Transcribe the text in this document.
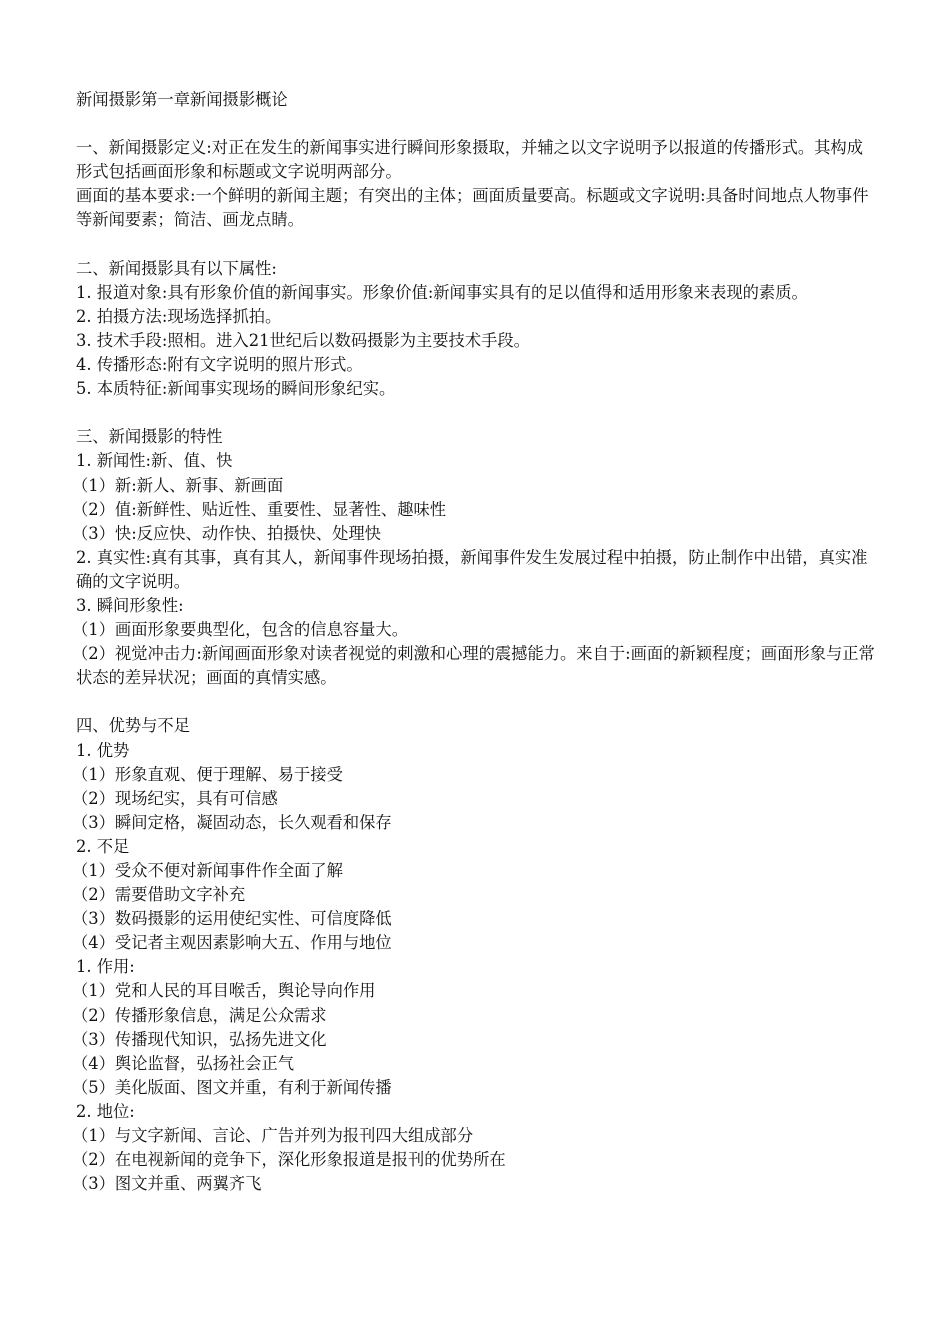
新闻摄影第一章新闻摄影概论

一、新闻摄影定义:对正在发生的新闻事实进行瞬间形象摄取，并辅之以文字说明予以报道的传播形式。其构成形式包括画面形象和标题或文字说明两部分。

画面的基本要求:一个鲜明的新闻主题；有突出的主体；画面质量要高。标题或文字说明:具备时间地点人物事件等新闻要素；简洁、画龙点睛。

二、新闻摄影具有以下属性:

1. 报道对象:具有形象价值的新闻事实。形象价值:新闻事实具有的足以值得和适用形象来表现的素质。

2. 拍摄方法:现场选择抓拍。

3. 技术手段:照相。进入21世纪后以数码摄影为主要技术手段。

4. 传播形态:附有文字说明的照片形式。

5. 本质特征:新闻事实现场的瞬间形象纪实。

三、新闻摄影的特性

1. 新闻性:新、值、快

（1）新:新人、新事、新画面

（2）值:新鲜性、贴近性、重要性、显著性、趣味性

（3）快:反应快、动作快、拍摄快、处理快

2. 真实性:真有其事，真有其人，新闻事件现场拍摄，新闻事件发生发展过程中拍摄，防止制作中出错，真实准确的文字说明。

3. 瞬间形象性:

（1）画面形象要典型化，包含的信息容量大。

（2）视觉冲击力:新闻画面形象对读者视觉的刺激和心理的震撼能力。来自于:画面的新颖程度；画面形象与正常状态的差异状况；画面的真情实感。

四、优势与不足

1. 优势

（1）形象直观、便于理解、易于接受

（2）现场纪实，具有可信感

（3）瞬间定格，凝固动态，长久观看和保存

2. 不足

（1）受众不便对新闻事件作全面了解

（2）需要借助文字补充

（3）数码摄影的运用使纪实性、可信度降低

（4）受记者主观因素影响大五、作用与地位

1. 作用:

（1）党和人民的耳目喉舌，舆论导向作用

（2）传播形象信息，满足公众需求

（3）传播现代知识，弘扬先进文化

（4）舆论监督，弘扬社会正气

（5）美化版面、图文并重，有利于新闻传播

2. 地位:

（1）与文字新闻、言论、广告并列为报刊四大组成部分

（2）在电视新闻的竞争下，深化形象报道是报刊的优势所在

（3）图文并重、两翼齐飞
